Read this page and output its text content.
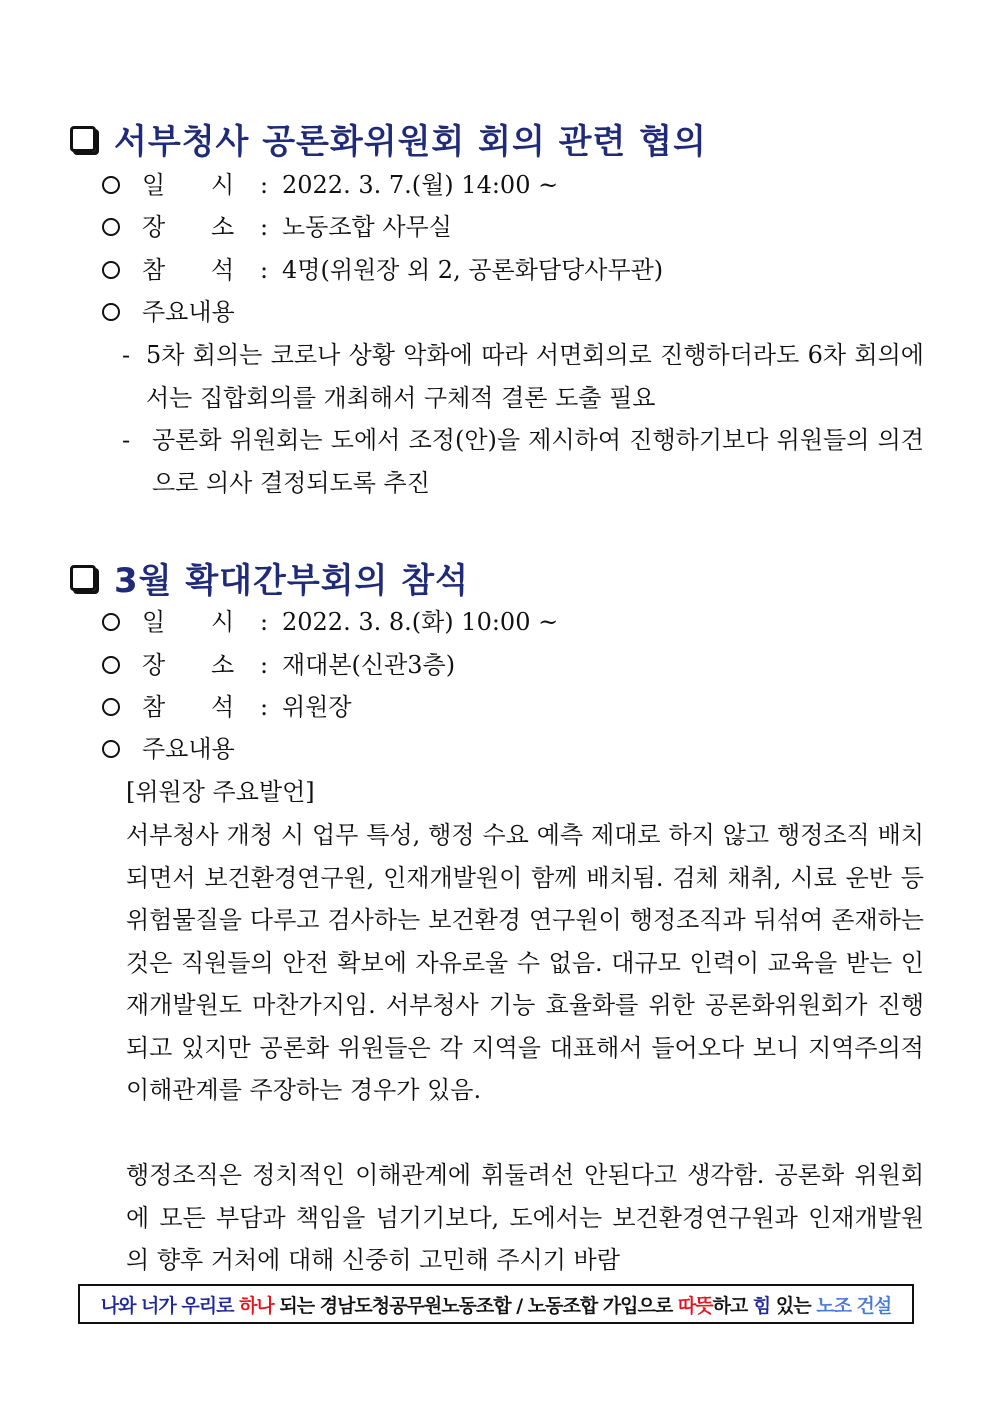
서부청사 공론화위원회 회의 관련 협의
일      시	: 2022. 3. 7.(월) 14:00 ~
장      소	: 노동조합 사무실
참      석	: 4명(위원장 외 2, 공론화담당사무관)
주요내용
- 5차 회의는 코로나 상황 악화에 따라 서면회의로 진행하더라도 6차 회의에서는 집합회의를 개최해서 구체적 결론 도출 필요
- 공론화 위원회는 도에서 조정(안)을 제시하여 진행하기보다 위원들의 의견으로 의사 결정되도록 추진
3월 확대간부회의 참석
일      시	: 2022. 3. 8.(화) 10:00 ~
장      소	: 재대본(신관3층)
참      석	: 위원장
주요내용
[위원장 주요발언]
서부청사 개청 시 업무 특성, 행정 수요 예측 제대로 하지 않고 행정조직 배치되면서 보건환경연구원, 인재개발원이 함께 배치됨. 검체 채취, 시료 운반 등 위험물질을 다루고 검사하는 보건환경 연구원이 행정조직과 뒤섞여 존재하는 것은 직원들의 안전 확보에 자유로울 수 없음. 대규모 인력이 교육을 받는 인재개발원도 마찬가지임. 서부청사 기능 효율화를 위한 공론화위원회가 진행되고 있지만 공론화 위원들은 각 지역을 대표해서 들어오다 보니 지역주의적 이해관계를 주장하는 경우가 있음.
행정조직은 정치적인 이해관계에 휘둘려선 안된다고 생각함. 공론화 위원회에 모든 부담과 책임을 넘기기보다, 도에서는 보건환경연구원과 인재개발원의 향후 거처에 대해 신중히 고민해 주시기 바람
나와 너가 우리로 하나 되는 경남도청공무원노동조합 / 노동조합 가입으로 따뜻 하고 힘 있는 노조 건설
